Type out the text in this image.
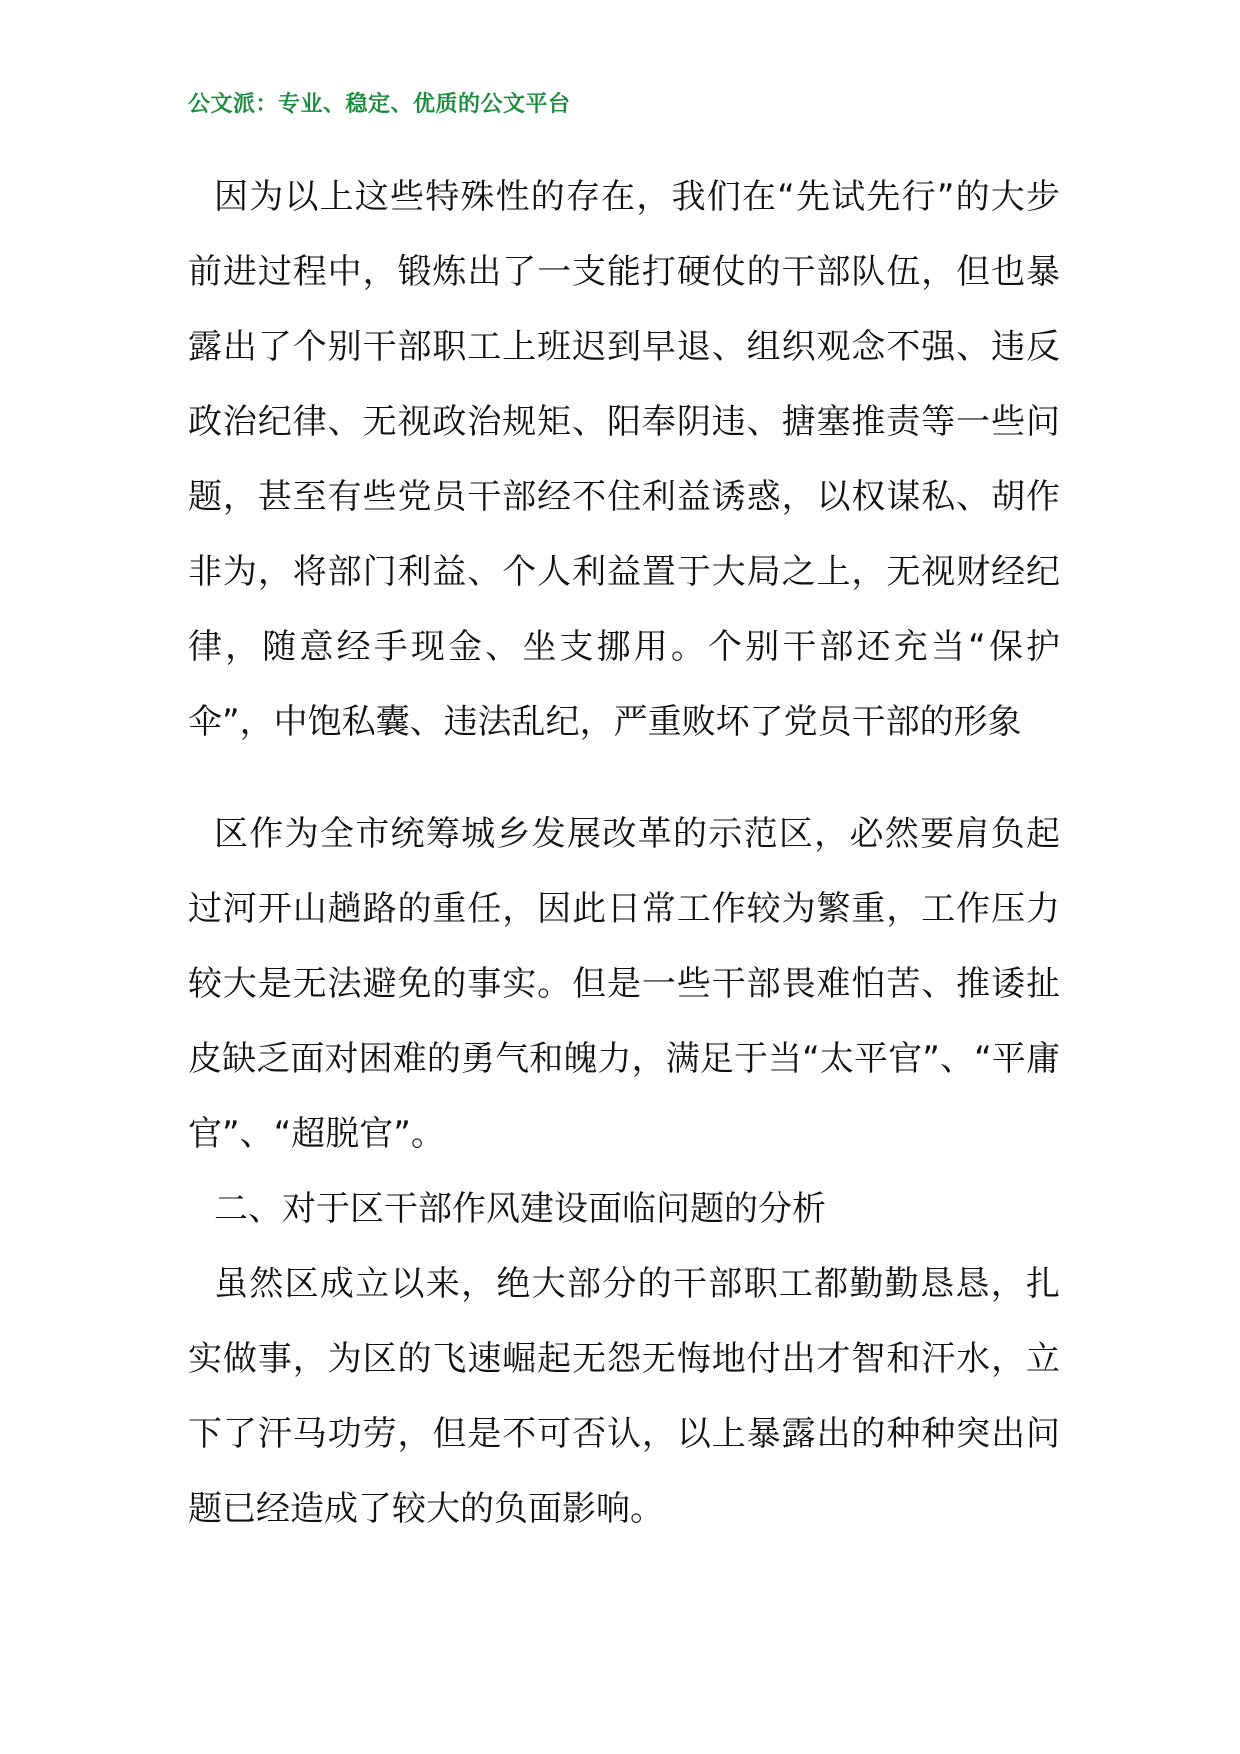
公文派：专业、稳定、优质的公文平台

因为以上这些特殊性的存在，我们在“先试先行”的大步前进过程中，锻炼出了一支能打硬仗的干部队伍，但也暴露出了个别干部职工上班迟到早退、组织观念不强、违反政治纪律、无视政治规矩、阳奉阴违、搪塞推责等一些问题，甚至有些党员干部经不住利益诱惑，以权谋私、胡作非为，将部门利益、个人利益置于大局之上，无视财经纪律，随意经手现金、坐支挪用。个别干部还充当“保护伞”，中饱私囊、违法乱纪，严重败坏了党员干部的形象

区作为全市统筹城乡发展改革的示范区，必然要肩负起过河开山趟路的重任，因此日常工作较为繁重，工作压力较大是无法避免的事实。但是一些干部畏难怕苦、推诿扯皮缺乏面对困难的勇气和魄力，满足于当“太平官”、“平庸官”、“超脱官”。

二、对于区干部作风建设面临问题的分析

虽然区成立以来，绝大部分的干部职工都勤勤恳恳，扎实做事，为区的飞速崛起无怨无悔地付出才智和汗水，立下了汗马功劳，但是不可否认，以上暴露出的种种突出问题已经造成了较大的负面影响。
